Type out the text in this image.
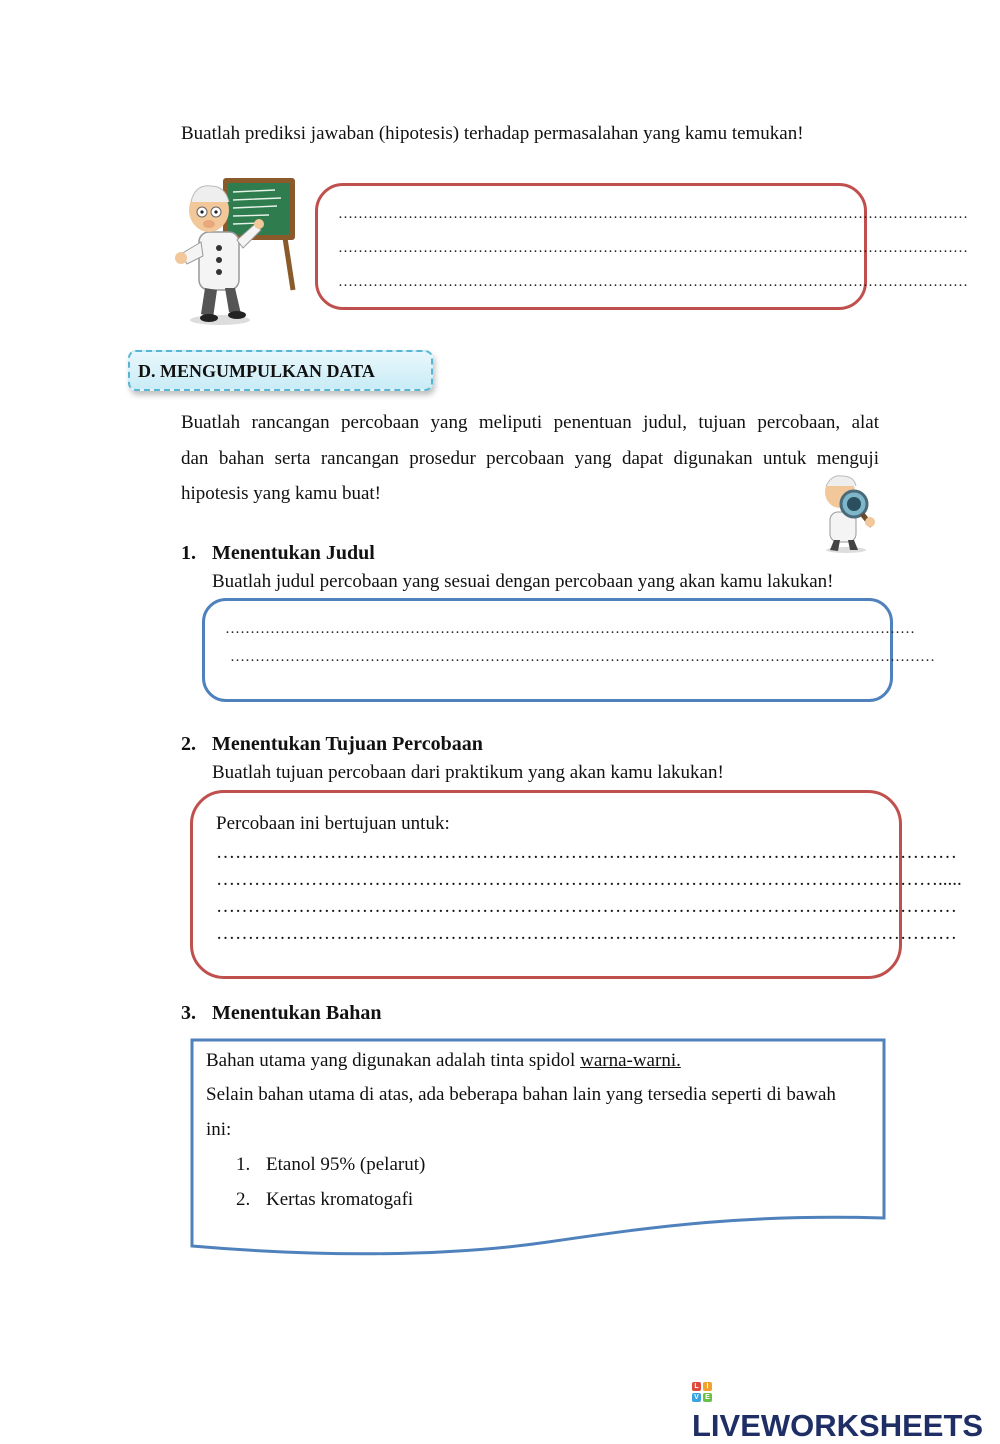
Buatlah prediksi jawaban (hipotesis) terhadap permasalahan yang kamu temukan!
………………………………………………………………………………………………………………
………………………………………………………………………………………………………………
………………………………………………………………………………………………………………
D. MENGUMPULKAN DATA
Buatlah rancangan percobaan yang meliputi penentuan judul, tujuan percobaan, alat
dan bahan serta rancangan prosedur percobaan yang dapat digunakan untuk menguji
hipotesis yang kamu buat!
1. Menentukan Judul
Buatlah judul percobaan yang sesuai dengan percobaan yang akan kamu lakukan!
…………………………………………………………………………………………………………………………
……………………………………………………………………………………………………………………………
2. Menentukan Tujuan Percobaan
Buatlah tujuan percobaan dari praktikum yang akan kamu lakukan!
Percobaan ini bertujuan untuk:
………………………………………………………………………………………………………
…………………………………………………………………………………………………….....
………………………………………………………………………………………………………
………………………………………………………………………………………………………
3. Menentukan Bahan
Bahan utama yang digunakan adalah tinta spidol warna-warni.
Selain bahan utama di atas, ada beberapa bahan lain yang tersedia seperti di bawah
ini:
1. Etanol 95% (pelarut)
2. Kertas kromatogafi
L	I
V E
LIVEWORKSHEETS
